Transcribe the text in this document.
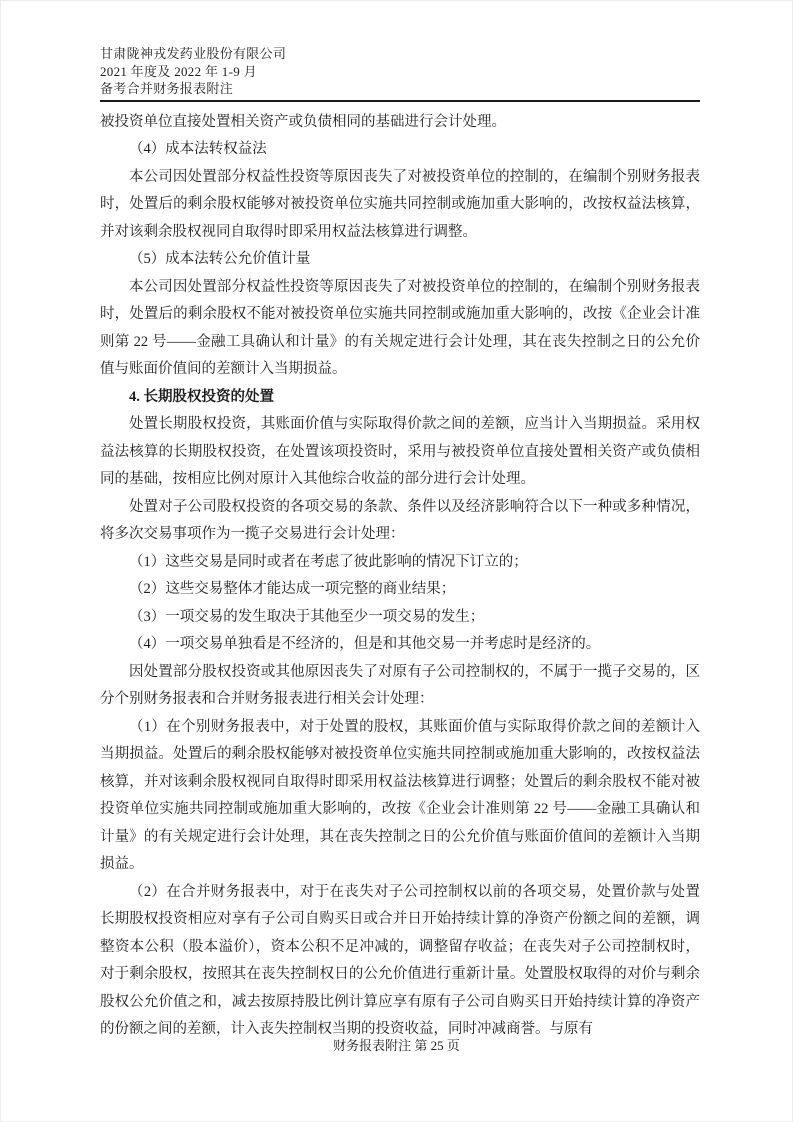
甘肃陇神戎发药业股份有限公司
2021 年度及 2022 年 1-9 月
备考合并财务报表附注

被投资单位直接处置相关资产或负债相同的基础进行会计处理。

（4）成本法转权益法

本公司因处置部分权益性投资等原因丧失了对被投资单位的控制的，在编制个别财务报表时，处置后的剩余股权能够对被投资单位实施共同控制或施加重大影响的，改按权益法核算，并对该剩余股权视同自取得时即采用权益法核算进行调整。

（5）成本法转公允价值计量

本公司因处置部分权益性投资等原因丧失了对被投资单位的控制的，在编制个别财务报表时，处置后的剩余股权不能对被投资单位实施共同控制或施加重大影响的，改按《企业会计准则第 22 号——金融工具确认和计量》的有关规定进行会计处理，其在丧失控制之日的公允价值与账面价值间的差额计入当期损益。

4. 长期股权投资的处置

处置长期股权投资，其账面价值与实际取得价款之间的差额，应当计入当期损益。采用权益法核算的长期股权投资，在处置该项投资时，采用与被投资单位直接处置相关资产或负债相同的基础，按相应比例对原计入其他综合收益的部分进行会计处理。

处置对子公司股权投资的各项交易的条款、条件以及经济影响符合以下一种或多种情况，将多次交易事项作为一揽子交易进行会计处理：

（1）这些交易是同时或者在考虑了彼此影响的情况下订立的；

（2）这些交易整体才能达成一项完整的商业结果；

（3）一项交易的发生取决于其他至少一项交易的发生；

（4）一项交易单独看是不经济的，但是和其他交易一并考虑时是经济的。

因处置部分股权投资或其他原因丧失了对原有子公司控制权的，不属于一揽子交易的，区分个别财务报表和合并财务报表进行相关会计处理：

（1）在个别财务报表中，对于处置的股权，其账面价值与实际取得价款之间的差额计入当期损益。处置后的剩余股权能够对被投资单位实施共同控制或施加重大影响的，改按权益法核算，并对该剩余股权视同自取得时即采用权益法核算进行调整；处置后的剩余股权不能对被投资单位实施共同控制或施加重大影响的，改按《企业会计准则第 22 号——金融工具确认和计量》的有关规定进行会计处理，其在丧失控制之日的公允价值与账面价值间的差额计入当期损益。

（2）在合并财务报表中，对于在丧失对子公司控制权以前的各项交易，处置价款与处置长期股权投资相应对享有子公司自购买日或合并日开始持续计算的净资产份额之间的差额，调整资本公积（股本溢价），资本公积不足冲减的，调整留存收益；在丧失对子公司控制权时，对于剩余股权，按照其在丧失控制权日的公允价值进行重新计量。处置股权取得的对价与剩余股权公允价值之和，减去按原持股比例计算应享有原有子公司自购买日开始持续计算的净资产的份额之间的差额，计入丧失控制权当期的投资收益，同时冲减商誉。与原有

财务报表附注 第 25 页
